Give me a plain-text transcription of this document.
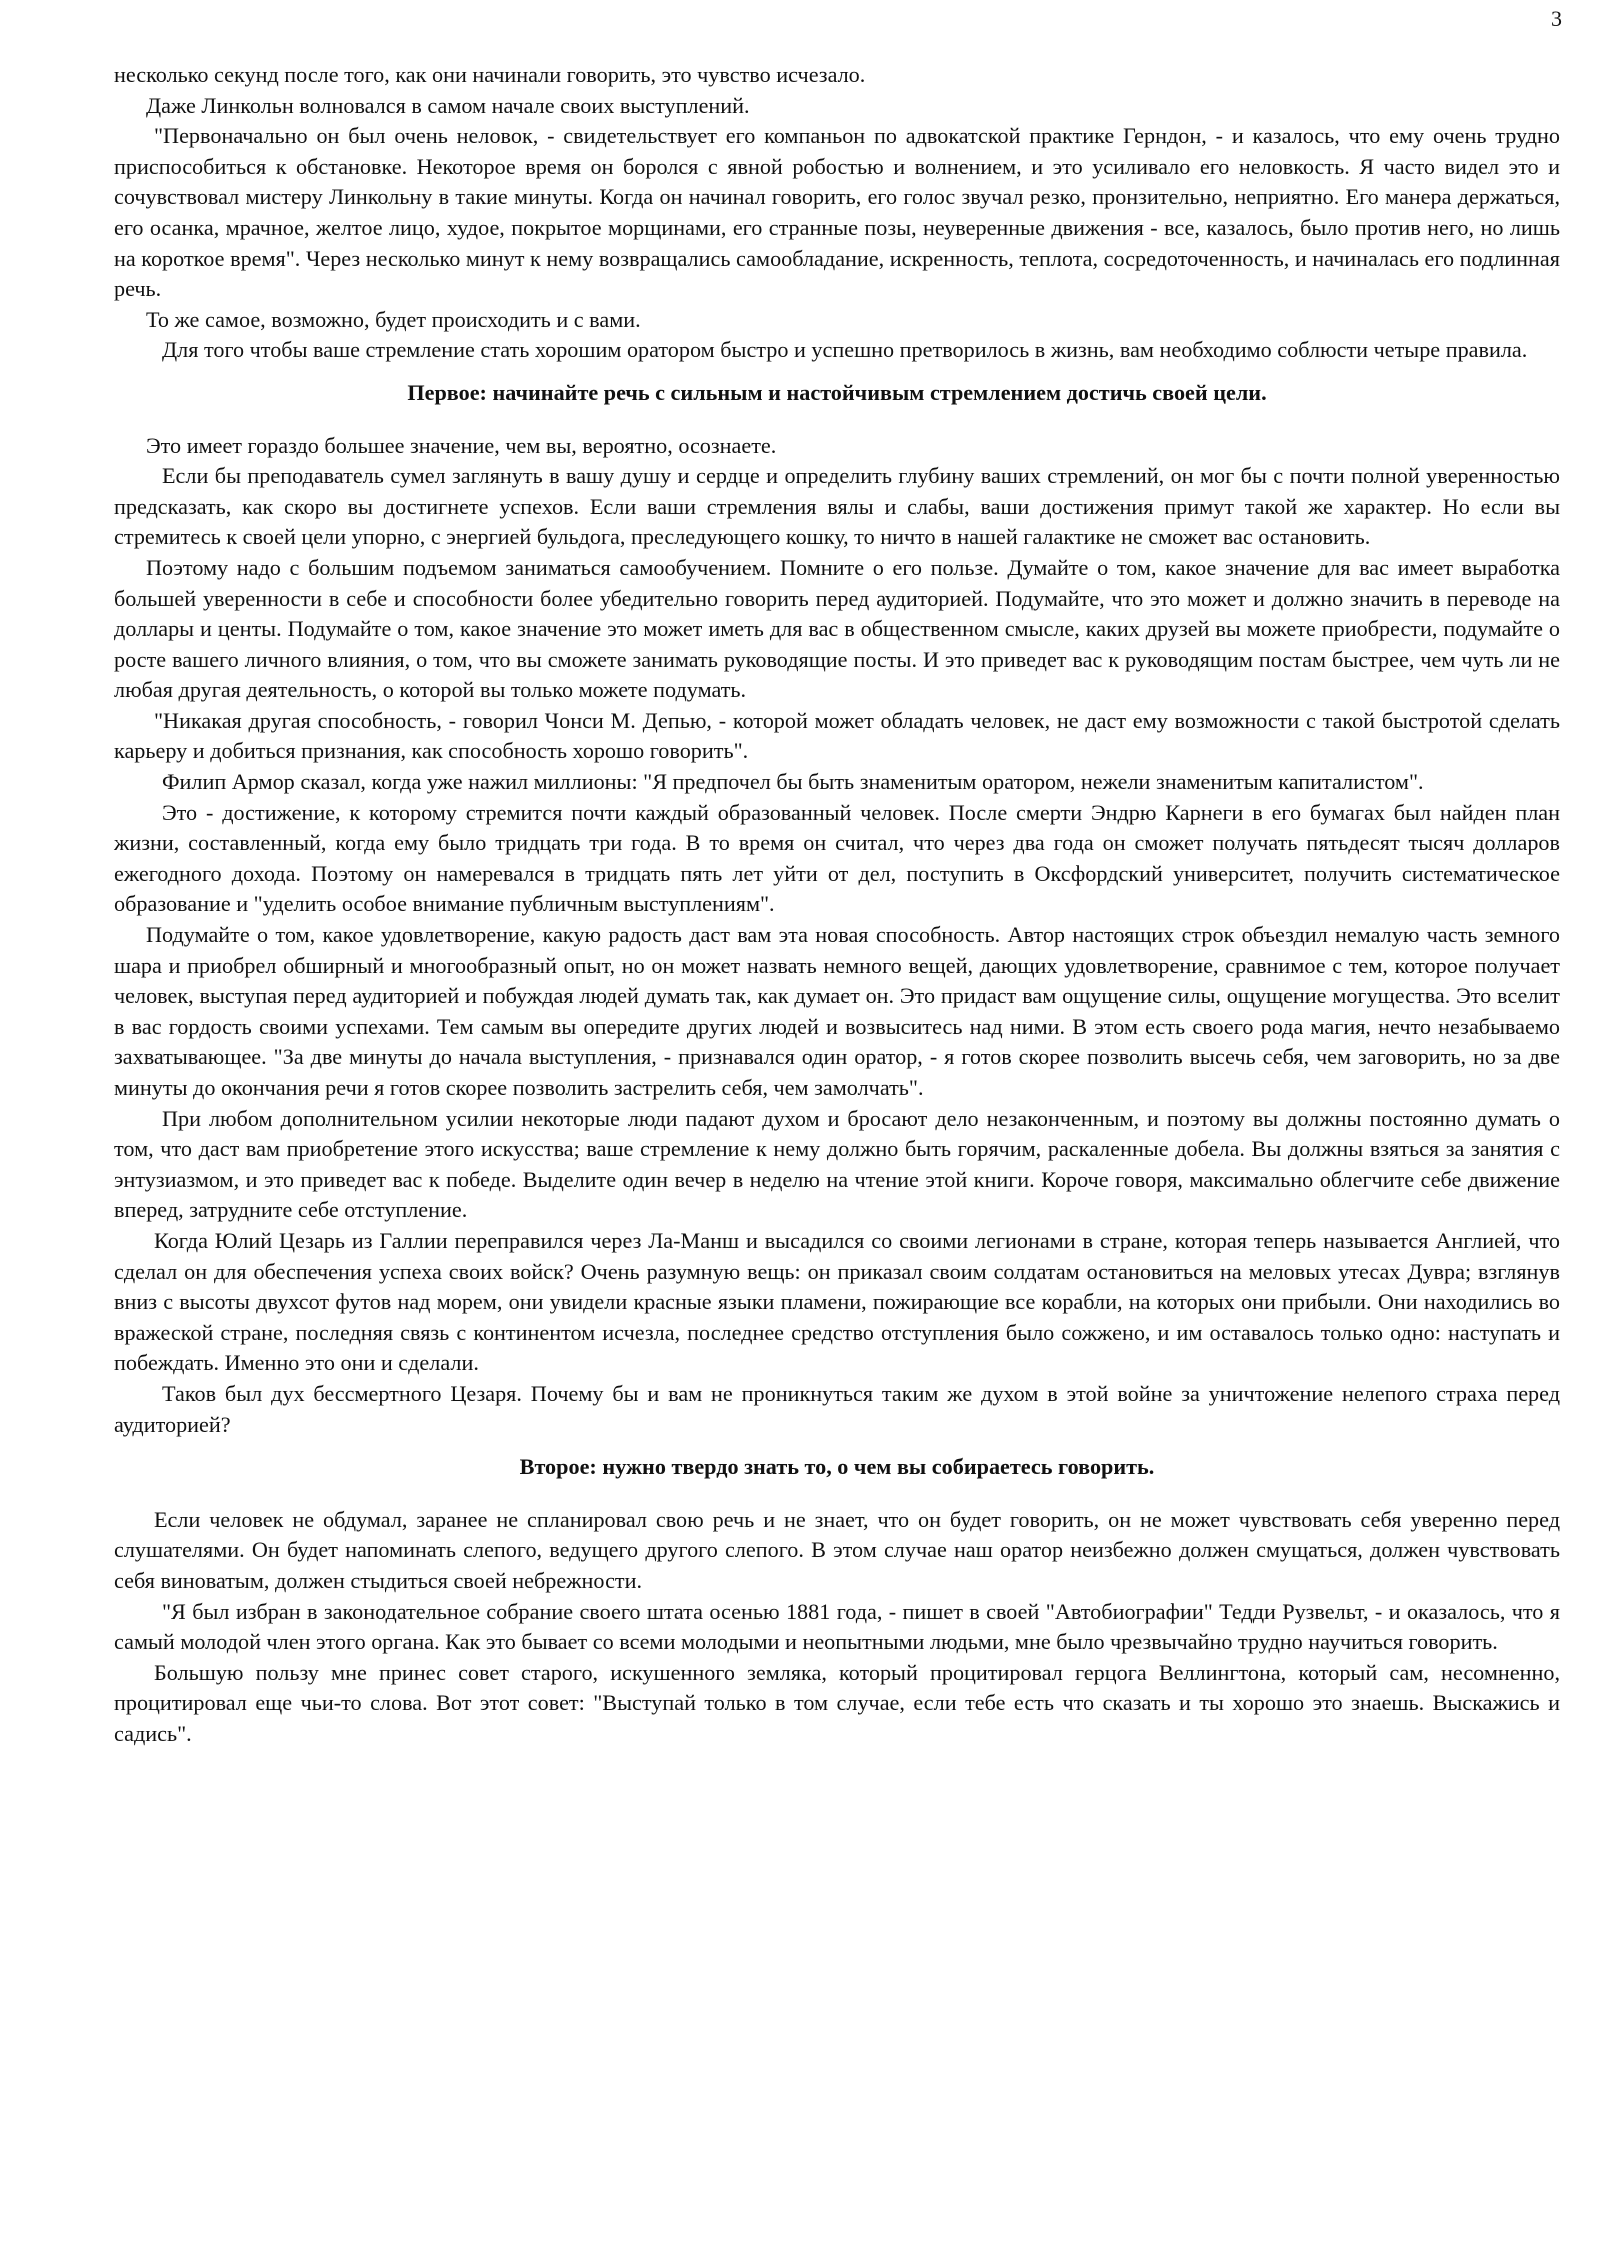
3

несколько секунд после того, как они начинали говорить, это чувство исчезало.

Даже Линкольн волновался в самом начале своих выступлений.

"Первоначально он был очень неловок, - свидетельствует его компаньон по адвокатской практике Герндон, - и казалось, что ему очень трудно приспособиться к обстановке. Некоторое время он боролся с явной робостью и волнением, и это усиливало его неловкость. Я часто видел это и сочувствовал мистеру Линкольну в такие минуты. Когда он начинал говорить, его голос звучал резко, пронзительно, неприятно. Его манера держаться, его осанка, мрачное, желтое лицо, худое, покрытое морщинами, его странные позы, неуверенные движения - все, казалось, было против него, но лишь на короткое время". Через несколько минут к нему возвращались самообладание, искренность, теплота, сосредоточенность, и начиналась его подлинная речь.

То же самое, возможно, будет происходить и с вами.

Для того чтобы ваше стремление стать хорошим оратором быстро и успешно претворилось в жизнь, вам необходимо соблюсти четыре правила.

Первое: начинайте речь с сильным и настойчивым стремлением достичь своей цели.

Это имеет гораздо большее значение, чем вы, вероятно, осознаете.

Если бы преподаватель сумел заглянуть в вашу душу и сердце и определить глубину ваших стремлений, он мог бы с почти полной уверенностью предсказать, как скоро вы достигнете успехов. Если ваши стремления вялы и слабы, ваши достижения примут такой же характер. Но если вы стремитесь к своей цели упорно, с энергией бульдога, преследующего кошку, то ничто в нашей галактике не сможет вас остановить.

Поэтому надо с большим подъемом заниматься самообучением. Помните о его пользе. Думайте о том, какое значение для вас имеет выработка большей уверенности в себе и способности более убедительно говорить перед аудиторией. Подумайте, что это может и должно значить в переводе на доллары и центы. Подумайте о том, какое значение это может иметь для вас в общественном смысле, каких друзей вы можете приобрести, подумайте о росте вашего личного влияния, о том, что вы сможете занимать руководящие посты. И это приведет вас к руководящим постам быстрее, чем чуть ли не любая другая деятельность, о которой вы только можете подумать.

"Никакая другая способность, - говорил Чонси М. Депью, - которой может обладать человек, не даст ему возможности с такой быстротой сделать карьеру и добиться признания, как способность хорошо говорить".

Филип Армор сказал, когда уже нажил миллионы: "Я предпочел бы быть знаменитым оратором, нежели знаменитым капиталистом".

Это - достижение, к которому стремится почти каждый образованный человек. После смерти Эндрю Карнеги в его бумагах был найден план жизни, составленный, когда ему было тридцать три года. В то время он считал, что через два года он сможет получать пятьдесят тысяч долларов ежегодного дохода. Поэтому он намеревался в тридцать пять лет уйти от дел, поступить в Оксфордский университет, получить систематическое образование и "уделить особое внимание публичным выступлениям".

Подумайте о том, какое удовлетворение, какую радость даст вам эта новая способность. Автор настоящих строк объездил немалую часть земного шара и приобрел обширный и многообразный опыт, но он может назвать немного вещей, дающих удовлетворение, сравнимое с тем, которое получает человек, выступая перед аудиторией и побуждая людей думать так, как думает он. Это придаст вам ощущение силы, ощущение могущества. Это вселит в вас гордость своими успехами. Тем самым вы опередите других людей и возвыситесь над ними. В этом есть своего рода магия, нечто незабываемо захватывающее. "За две минуты до начала выступления, - признавался один оратор, - я готов скорее позволить высечь себя, чем заговорить, но за две минуты до окончания речи я готов скорее позволить застрелить себя, чем замолчать".

При любом дополнительном усилии некоторые люди падают духом и бросают дело незаконченным, и поэтому вы должны постоянно думать о том, что даст вам приобретение этого искусства; ваше стремление к нему должно быть горячим, раскаленные добела. Вы должны взяться за занятия с энтузиазмом, и это приведет вас к победе. Выделите один вечер в неделю на чтение этой книги. Короче говоря, максимально облегчите себе движение вперед, затрудните себе отступление.

Когда Юлий Цезарь из Галлии переправился через Ла-Манш и высадился со своими легионами в стране, которая теперь называется Англией, что сделал он для обеспечения успеха своих войск? Очень разумную вещь: он приказал своим солдатам остановиться на меловых утесах Дувра; взглянув вниз с высоты двухсот футов над морем, они увидели красные языки пламени, пожирающие все корабли, на которых они прибыли. Они находились во вражеской стране, последняя связь с континентом исчезла, последнее средство отступления было сожжено, и им оставалось только одно: наступать и побеждать. Именно это они и сделали.

Таков был дух бессмертного Цезаря. Почему бы и вам не проникнуться таким же духом в этой войне за уничтожение нелепого страха перед аудиторией?

Второе: нужно твердо знать то, о чем вы собираетесь говорить.

Если человек не обдумал, заранее не спланировал свою речь и не знает, что он будет говорить, он не может чувствовать себя уверенно перед слушателями. Он будет напоминать слепого, ведущего другого слепого. В этом случае наш оратор неизбежно должен смущаться, должен чувствовать себя виноватым, должен стыдиться своей небрежности.

"Я был избран в законодательное собрание своего штата осенью 1881 года, - пишет в своей "Автобиографии" Тедди Рузвельт, - и оказалось, что я самый молодой член этого органа. Как это бывает со всеми молодыми и неопытными людьми, мне было чрезвычайно трудно научиться говорить.

Большую пользу мне принес совет старого, искушенного земляка, который процитировал герцога Веллингтона, который сам, несомненно, процитировал еще чьи-то слова. Вот этот совет: "Выступай только в том случае, если тебе есть что сказать и ты хорошо это знаешь. Выскажись и садись".
